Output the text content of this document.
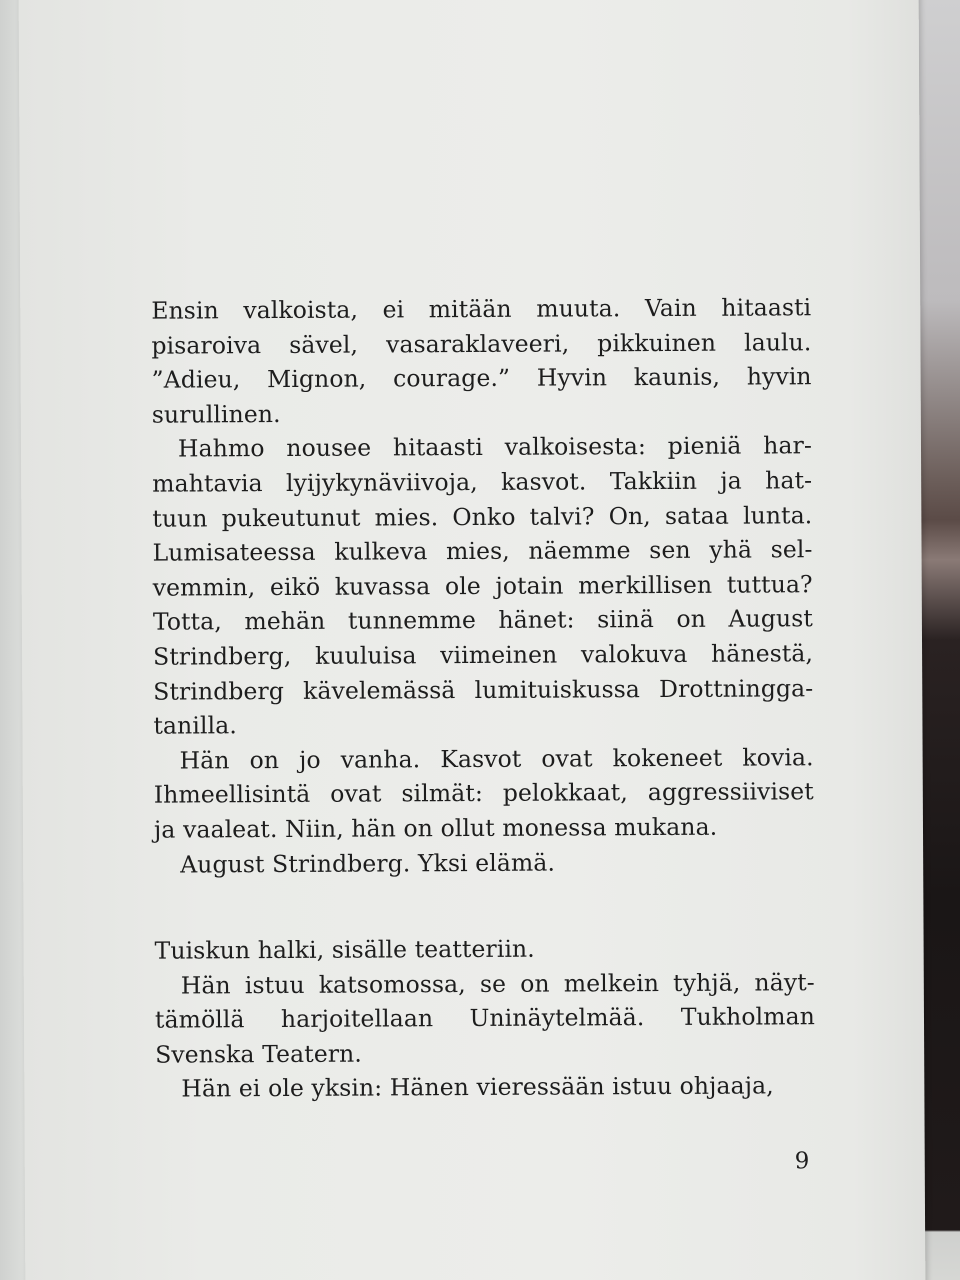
Ensin valkoista, ei mitään muuta. Vain hitaasti
pisaroiva sävel, vasaraklaveeri, pikkuinen laulu.
”Adieu, Mignon, courage.” Hyvin kaunis, hyvin
surullinen.

Hahmo nousee hitaasti valkoisesta: pieniä har-
mahtavia lyijykynäviivoja, kasvot. Takkiin ja hat-
tuun pukeutunut mies. Onko talvi? On, sataa lunta.
Lumisateessa kulkeva mies, näemme sen yhä sel-
vemmin, eikö kuvassa ole jotain merkillisen tuttua?
Totta, mehän tunnemme hänet: siinä on August
Strindberg, kuuluisa viimeinen valokuva hänestä,
Strindberg kävelemässä lumituiskussa Drottningga-
tanilla.

Hän on jo vanha. Kasvot ovat kokeneet kovia.
Ihmeellisintä ovat silmät: pelokkaat, aggressiiviset
ja vaaleat. Niin, hän on ollut monessa mukana.

August Strindberg. Yksi elämä.

Tuiskun halki, sisälle teatteriin.

Hän istuu katsomossa, se on melkein tyhjä, näyt-
tämöllä harjoitellaan Uninäytelmää. Tukholman
Svenska Teatern.

Hän ei ole yksin: Hänen vieressään istuu ohjaaja,

9
